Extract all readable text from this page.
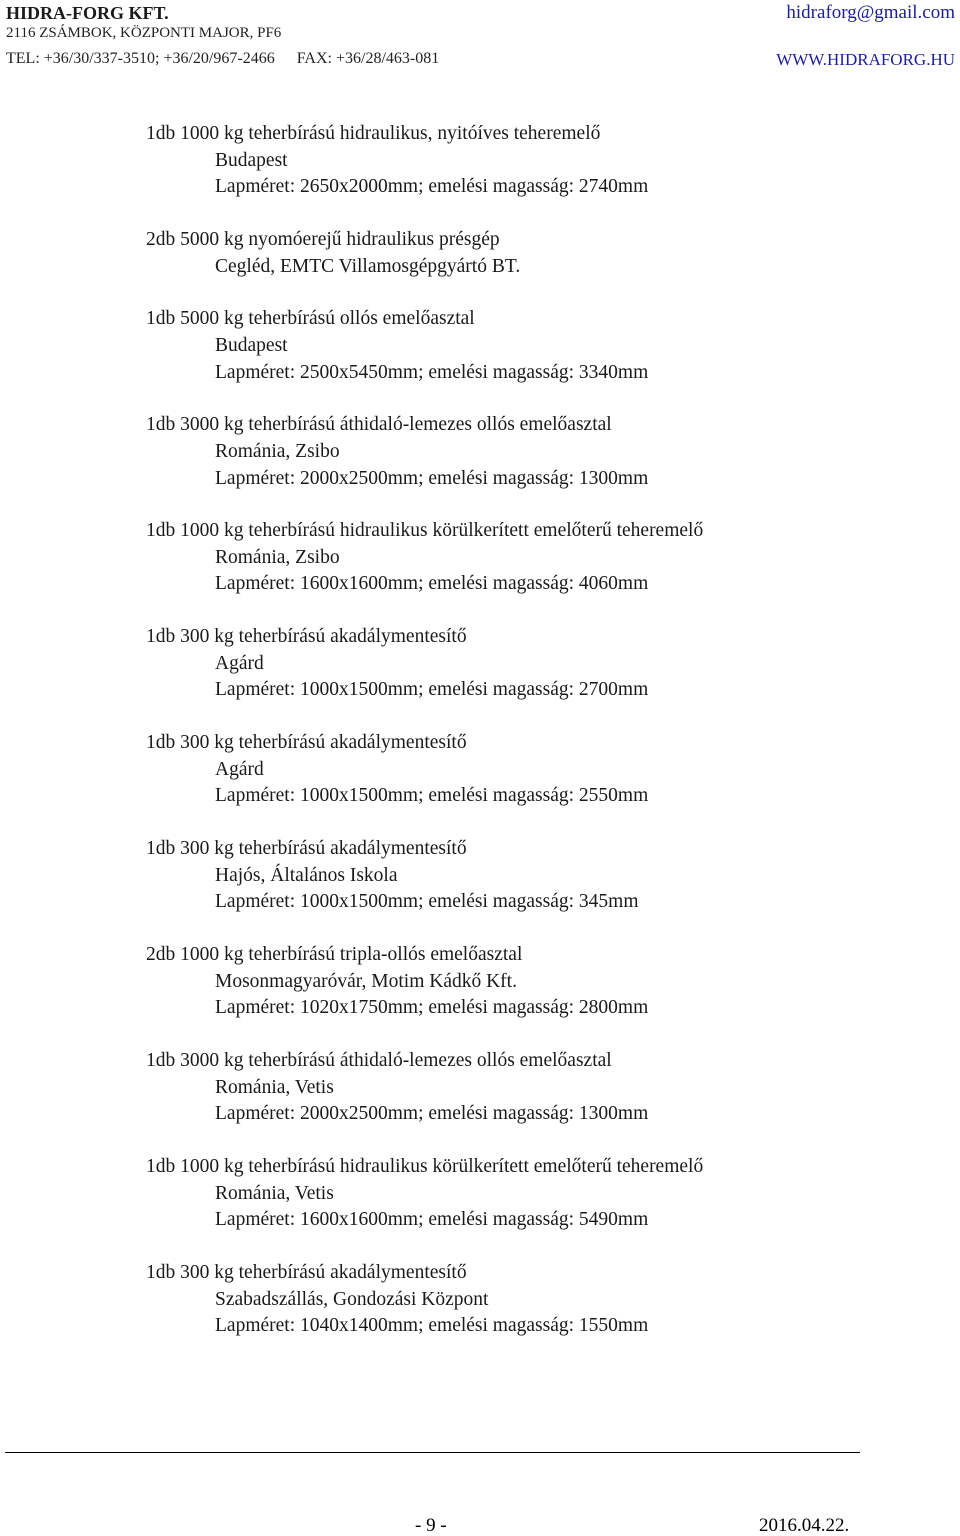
HIDRA-FORG KFT.
2116 ZSÁMBOK, KÖZPONTI MAJOR, PF6
TEL: +36/30/337-3510; +36/20/967-2466 FAX: +36/28/463-081
hidraforg@gmail.com
WWW.HIDRAFORG.HU
1db 1000 kg teherbírású hidraulikus, nyitóíves teheremelő
Budapest
Lapméret: 2650x2000mm; emelési magasság: 2740mm
2db 5000 kg nyomóerejű hidraulikus présgép
Cegléd, EMTC Villamosgépgyártó BT.
1db 5000 kg teherbírású ollós emelőasztal
Budapest
Lapméret: 2500x5450mm; emelési magasság: 3340mm
1db 3000 kg teherbírású áthidaló-lemezes ollós emelőasztal
Románia, Zsibo
Lapméret: 2000x2500mm; emelési magasság: 1300mm
1db 1000 kg teherbírású hidraulikus körülkerített emelőterű teheremelő
Románia, Zsibo
Lapméret: 1600x1600mm; emelési magasság: 4060mm
1db 300 kg teherbírású akadálymentesítő
Agárd
Lapméret: 1000x1500mm; emelési magasság: 2700mm
1db 300 kg teherbírású akadálymentesítő
Agárd
Lapméret: 1000x1500mm; emelési magasság: 2550mm
1db 300 kg teherbírású akadálymentesítő
Hajós, Általános Iskola
Lapméret: 1000x1500mm; emelési magasság: 345mm
2db 1000 kg teherbírású tripla-ollós emelőasztal
Mosonmagyaróvár, Motim Kádkő Kft.
Lapméret: 1020x1750mm; emelési magasság: 2800mm
1db 3000 kg teherbírású áthidaló-lemezes ollós emelőasztal
Románia, Vetis
Lapméret: 2000x2500mm; emelési magasság: 1300mm
1db 1000 kg teherbírású hidraulikus körülkerített emelőterű teheremelő
Románia, Vetis
Lapméret: 1600x1600mm; emelési magasság: 5490mm
1db 300 kg teherbírású akadálymentesítő
Szabadszállás, Gondozási Központ
Lapméret: 1040x1400mm; emelési magasság: 1550mm
- 9 -	2016.04.22.
